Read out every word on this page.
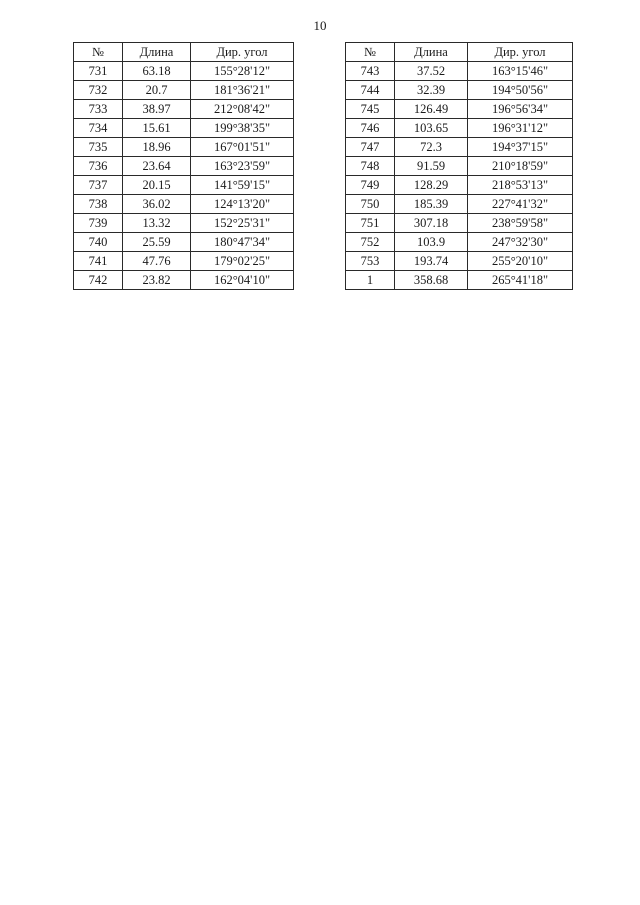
10
№	Длина	Дир. угол
731	63.18	155°28'12"
732	20.7	181°36'21"
733	38.97	212°08'42"
734	15.61	199°38'35"
735	18.96	167°01'51"
736	23.64	163°23'59"
737	20.15	141°59'15"
738	36.02	124°13'20"
739	13.32	152°25'31"
740	25.59	180°47'34"
741	47.76	179°02'25"
742	23.82	162°04'10"
№	Длина	Дир. угол
743	37.52	163°15'46"
744	32.39	194°50'56"
745	126.49	196°56'34"
746	103.65	196°31'12"
747	72.3	194°37'15"
748	91.59	210°18'59"
749	128.29	218°53'13"
750	185.39	227°41'32"
751	307.18	238°59'58"
752	103.9	247°32'30"
753	193.74	255°20'10"
1	358.68	265°41'18"
